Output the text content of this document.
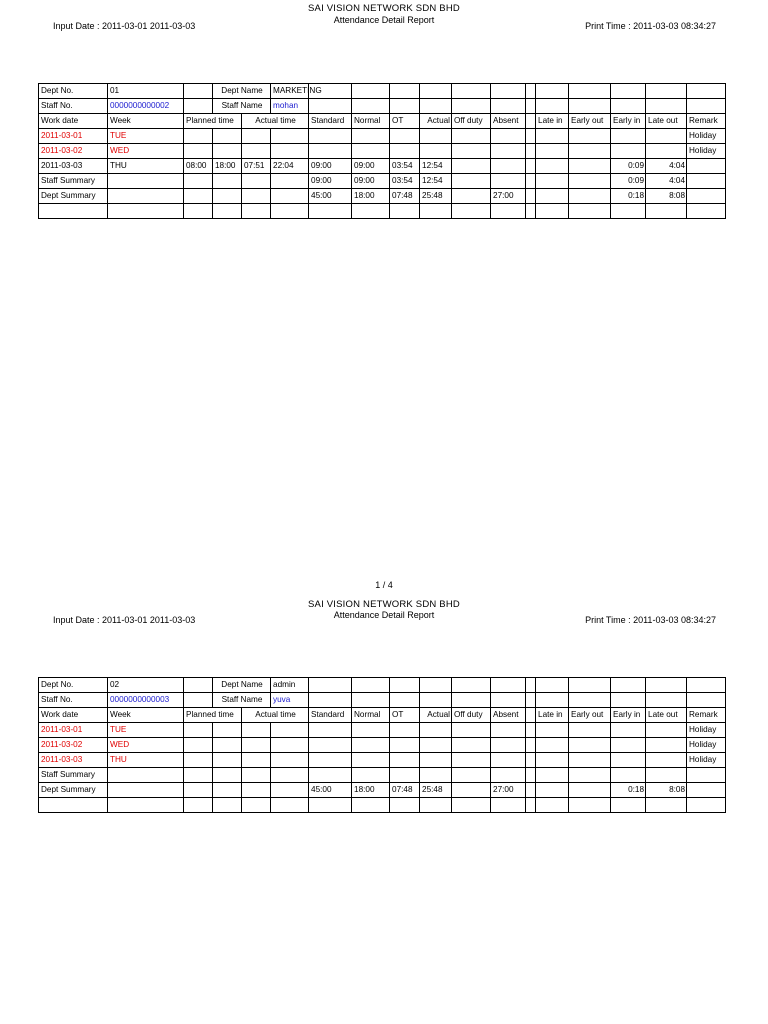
SAI VISION NETWORK SDN BHD
Attendance Detail Report
Input Date : 2011-03-01 2011-03-03	Print Time : 2011-03-03 08:34:27
Dept No.	01		Dept Name		MARKETING												
Staff No.	0000000000002		Staff Name		mohan												
Work date	Week	Planned time		Actual time		Standard	Normal	OT	Actual	Off duty	Absent		Late in	Early out	Early in	Late out	Remark
2011-03-01	TUE																Holiday
2011-03-02	WED																Holiday
2011-03-03	THU	08:00	18:00	07:51	22:04	09:00	09:00	03:54	12:54						0:09	4:04	
Staff Summary						09:00	09:00	03:54	12:54						0:09	4:04	
Dept Summary						45:00	18:00	07:48	25:48		27:00				0:18	8:08	

1 / 4
SAI VISION NETWORK SDN BHD
Attendance Detail Report
Input Date : 2011-03-01 2011-03-03	Print Time : 2011-03-03 08:34:27
Dept No.	02		Dept Name		admin												
Staff No.	0000000000003		Staff Name		yuva												
Work date	Week	Planned time		Actual time		Standard	Normal	OT	Actual	Off duty	Absent		Late in	Early out	Early in	Late out	Remark
2011-03-01	TUE																Holiday
2011-03-02	WED																Holiday
2011-03-03	THU																Holiday
Staff Summary																	
Dept Summary						45:00	18:00	07:48	25:48		27:00				0:18	8:08	
